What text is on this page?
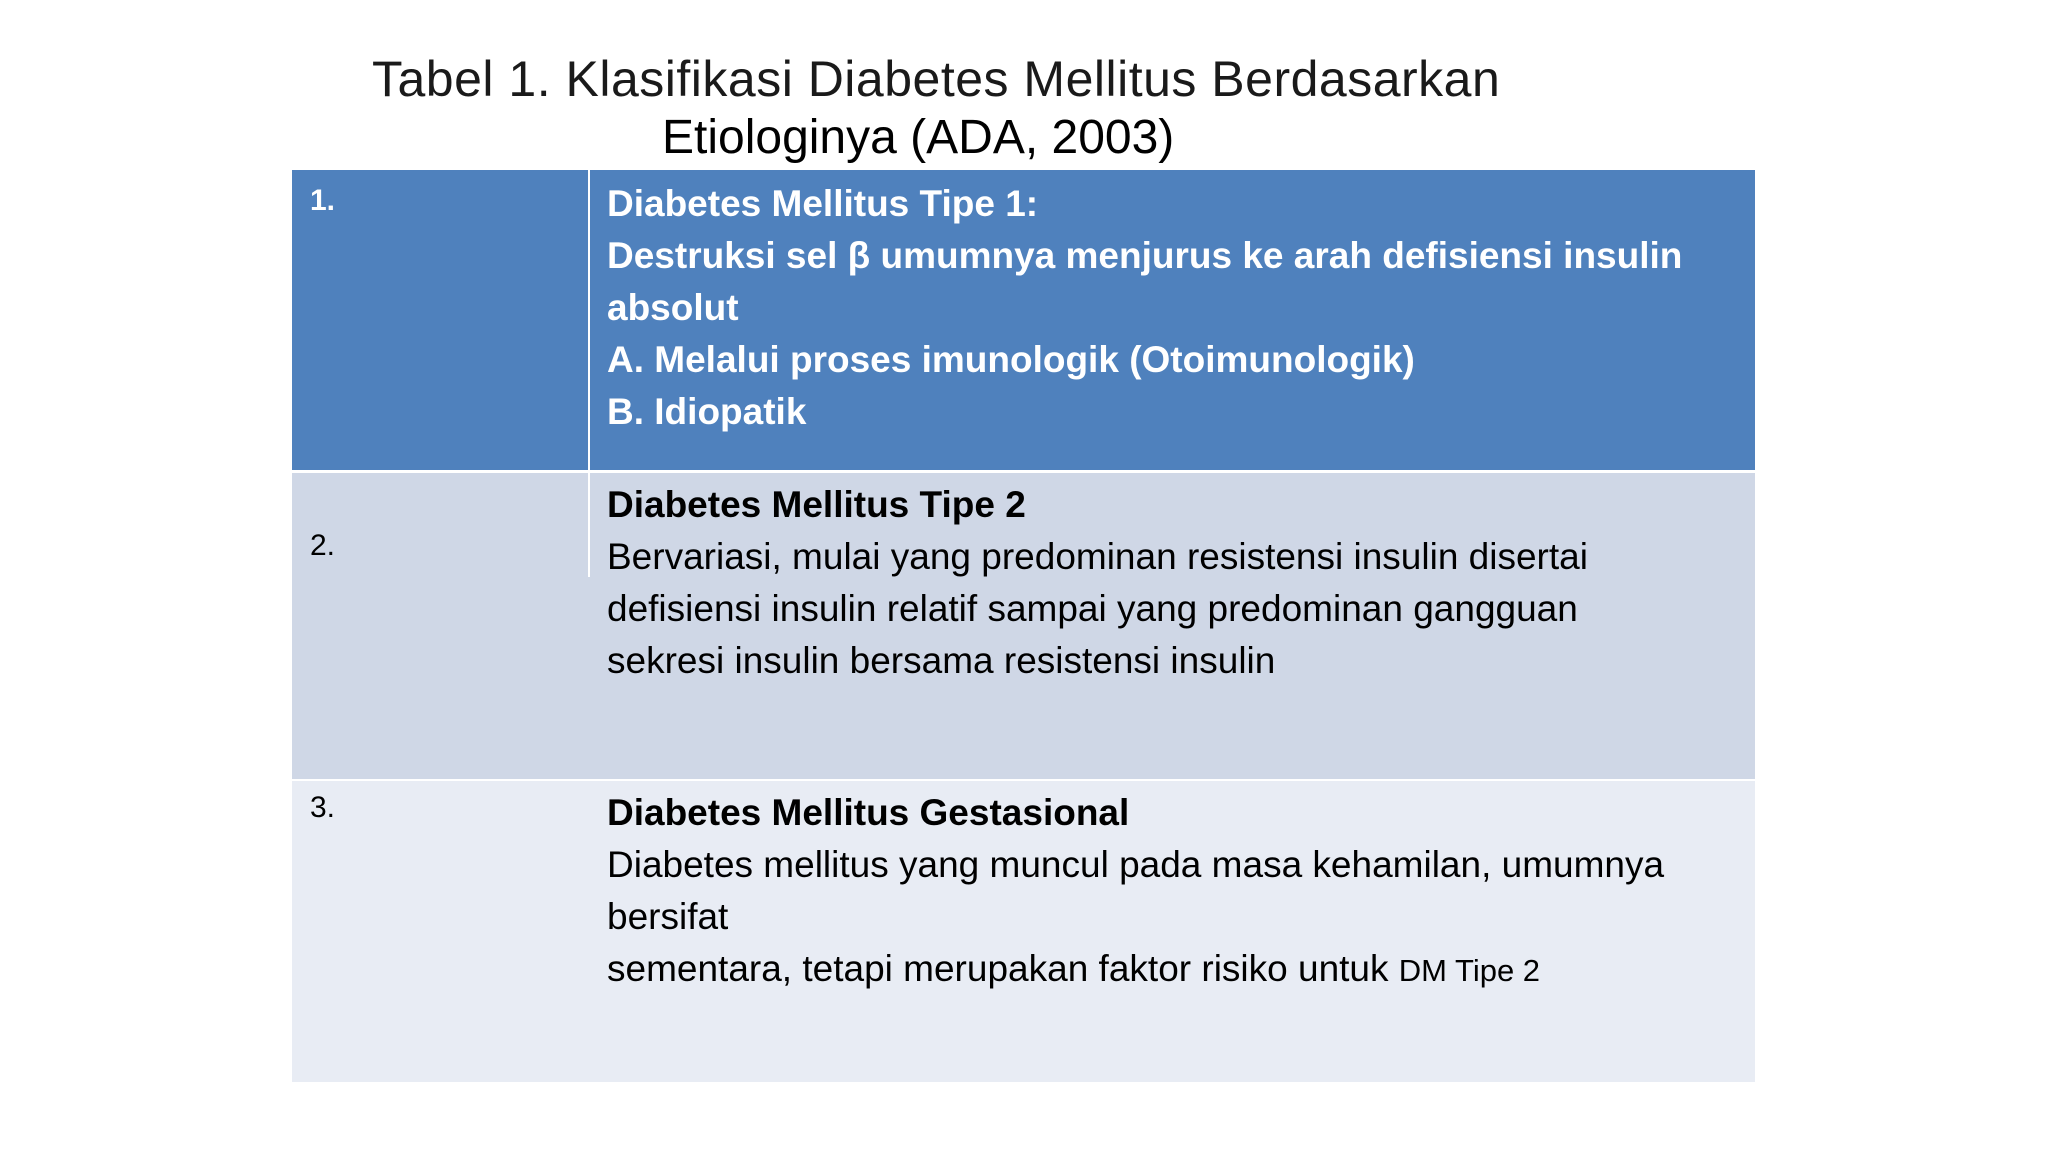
Tabel 1. Klasifikasi Diabetes Mellitus Berdasarkan
Etiologinya (ADA, 2003)
1.	Diabetes Mellitus Tipe 1:
Destruksi sel β umumnya menjurus ke arah defisiensi insulin
absolut
A. Melalui proses imunologik (Otoimunologik)
B. Idiopatik
2.
Diabetes Mellitus Tipe 2
Bervariasi, mulai yang predominan resistensi insulin disertai
defisiensi insulin relatif sampai yang predominan gangguan
sekresi insulin bersama resistensi insulin
3.	Diabetes Mellitus Gestasional
Diabetes mellitus yang muncul pada masa kehamilan, umumnya
bersifat
sementara, tetapi merupakan faktor risiko untuk DM Tipe 2
